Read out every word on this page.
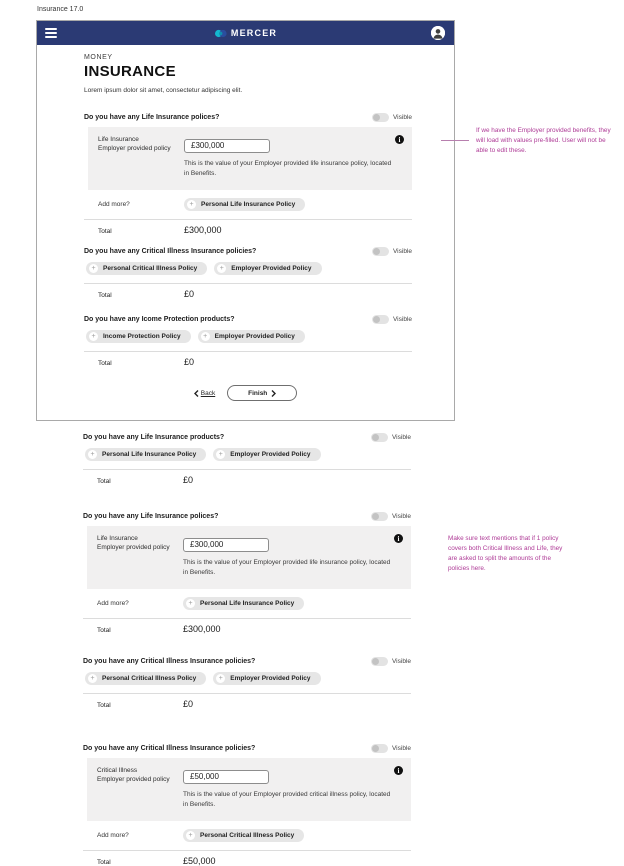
Insurance 17.0
MERCER
MONEY
INSURANCE
Lorem ipsum dolor sit amet, consectetur adipiscing elit.
Do you have any Life Insurance polices?	Visible
Life Insurance
Employer provided policy
£300,000
i
This is the value of your Employer provided life insurance policy, located in Benefits.
Add more?	+	Personal Life Insurance Policy
Total	£300,000
Do you have any Critical Illness Insurance policies?	Visible
+	Personal Critical Illness Policy	+	Employer Provided Policy
Total	£0
Do you have any Icome Protection products?	Visible
+	Income Protection Policy	+	Employer Provided Policy
Total	£0
Back	Finish
If we have the Employer provided benefits, they will load with values pre-filled. User will not be able to edit these.
Make sure text mentions that if 1 policy covers both Critical Illness and Life, they are asked to split the amounts of the policies here.
Do you have any Life Insurance products?	Visible
+	Personal Life Insurance Policy	+	Employer Provided Policy
Total	£0
Do you have any Life Insurance polices?	Visible
Life Insurance
Employer provided policy
£300,000
i
This is the value of your Employer provided life insurance policy, located in Benefits.
Add more?	+	Personal Life Insurance Policy
Total	£300,000
Do you have any Critical Illness Insurance policies?	Visible
+	Personal Critical Illness Policy	+	Employer Provided Policy
Total	£0
Do you have any Critical Illness Insurance policies?	Visible
Critical Illness
Employer provided policy
£50,000
i
This is the value of your Employer provided critical illness policy, located in Benefits.
Add more?	+	Personal Critical Illness Policy
Total	£50,000
